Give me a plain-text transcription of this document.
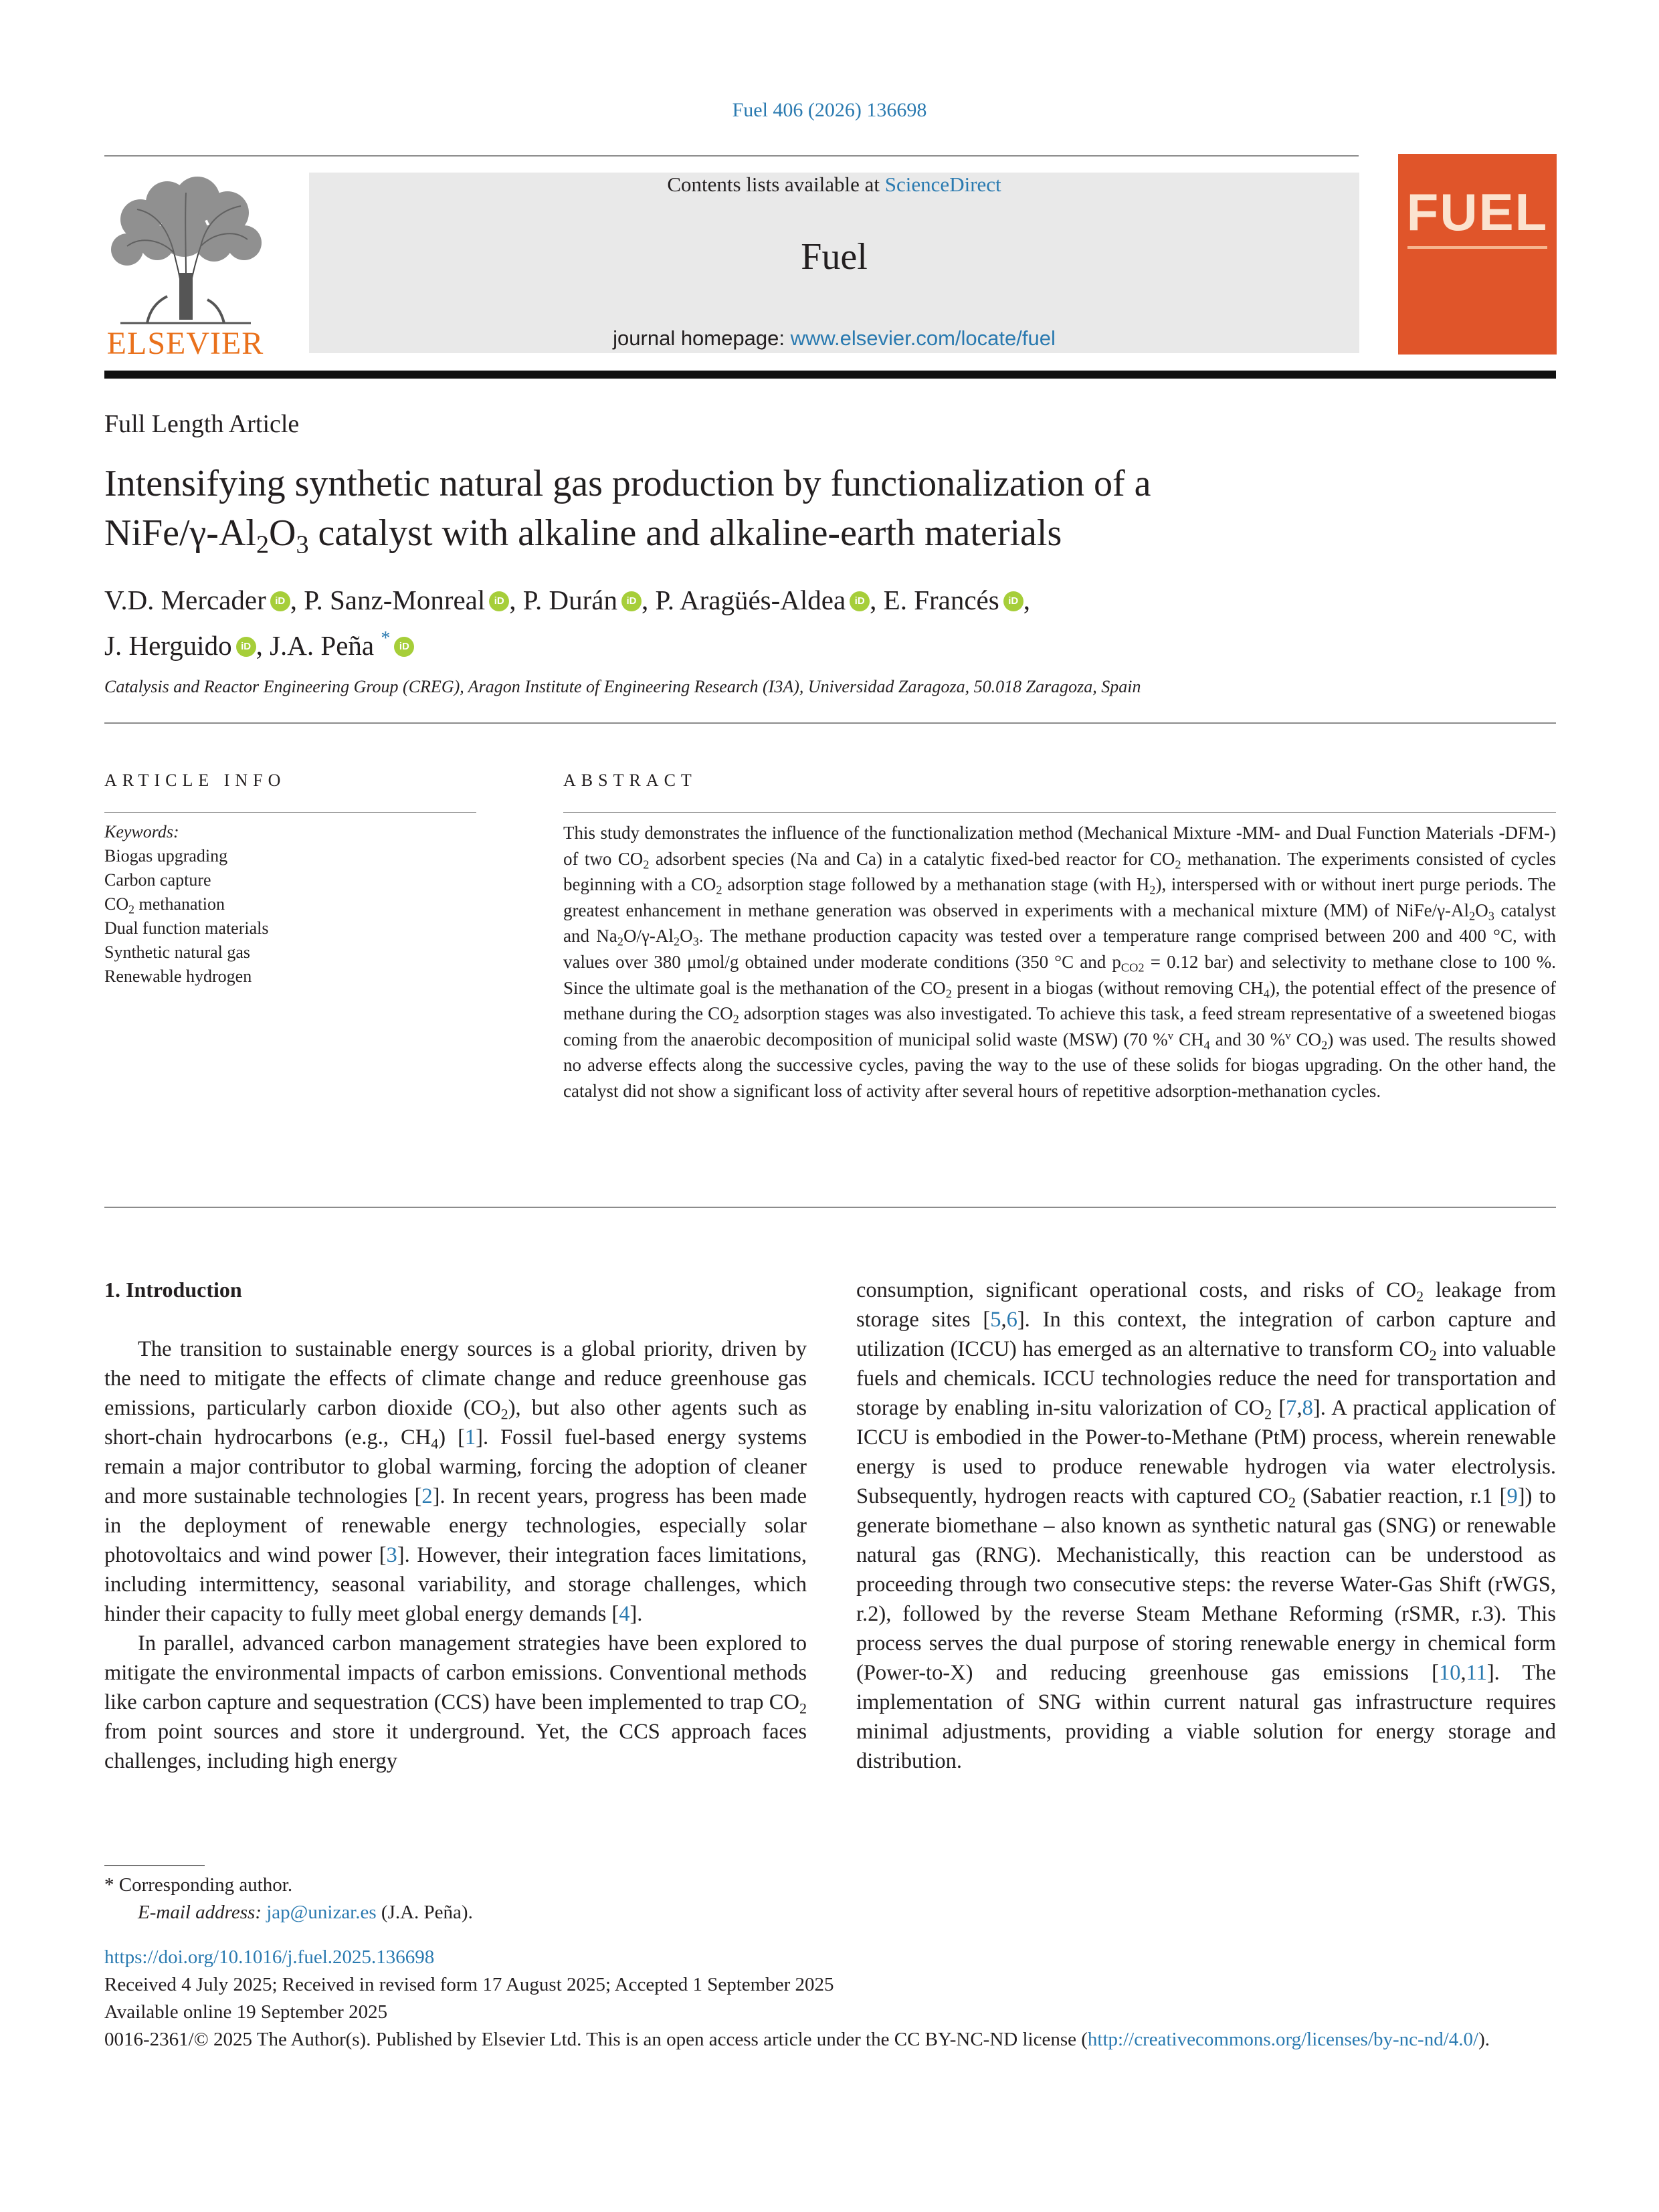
Fuel 406 (2026) 136698
ELSEVIER
Contents lists available at ScienceDirect
Fuel
journal homepage: www.elsevier.com/locate/fuel
FUEL
Full Length Article
Intensifying synthetic natural gas production by functionalization of a
NiFe/$\gamma-Al_2O_3$ catalyst with alkaline and alkaline-earth materials
V.D. Mercader iD , P. Sanz-Monreal iD , P. Durán iD , P. Aragüés-Aldea iD , E. Francés iD ,
J. Herguido iD , J.A. Peña * iD
Catalysis and Reactor Engineering Group (CREG), Aragon Institute of Engineering Research (I3A), Universidad Zaragoza, 50.018 Zaragoza, Spain
ARTICLE INFO	ABSTRACT
Keywords:
Biogas upgrading
Carbon capture
$CO_2$ methanation
Dual function materials
Synthetic natural gas
Renewable hydrogen
This study demonstrates the influence of the functionalization method (Mechanical Mixture -MM- and Dual Function Materials -DFM-) of two $CO_2$ adsorbent species (Na and Ca) in a catalytic fixed-bed reactor for $CO_2$ methanation. The experiments consisted of cycles beginning with a $CO_2$ adsorption stage followed by a methanation stage (with $H_2$), interspersed with or without inert purge periods. The greatest enhancement in methane generation was observed in experiments with a mechanical mixture (MM) of NiFe/$\gamma-Al_2O_3$ catalyst and $Na_2O/\gamma-Al_2O_3$. The methane production capacity was tested over a temperature range comprised between 200 and 400 °C, with values over 380 μmol/g obtained under moderate conditions (350 °C and $p_{CO2} = 0.12$ bar) and selectivity to methane close to 100 %. Since the ultimate goal is the methanation of the $CO_2$ present in a biogas (without removing $CH_4$), the potential effect of the presence of methane during the $CO_2$ adsorption stages was also investigated. To achieve this task, a feed stream representative of a sweetened biogas coming from the anaerobic decomposition of municipal solid waste (MSW) (70 %$^v$ $CH_4$ and 30 %$^v$ $CO_2$) was used. The results showed no adverse effects along the successive cycles, paving the way to the use of these solids for biogas upgrading. On the other hand, the catalyst did not show a significant loss of activity after several hours of repetitive adsorption-methanation cycles.
1. Introduction

The transition to sustainable energy sources is a global priority, driven by the need to mitigate the effects of climate change and reduce greenhouse gas emissions, particularly carbon dioxide $(CO_2)$, but also other agents such as short-chain hydrocarbons (e.g., $CH_4$) [1]. Fossil fuel-based energy systems remain a major contributor to global warming, forcing the adoption of cleaner and more sustainable technologies [2]. In recent years, progress has been made in the deployment of renewable energy technologies, especially solar photovoltaics and wind power [3]. However, their integration faces limitations, including intermittency, seasonal variability, and storage challenges, which hinder their capacity to fully meet global energy demands [4].

In parallel, advanced carbon management strategies have been explored to mitigate the environmental impacts of carbon emissions. Conventional methods like carbon capture and sequestration (CCS) have been implemented to trap $CO_2$ from point sources and store it underground. Yet, the CCS approach faces challenges, including high energy

consumption, significant operational costs, and risks of $CO_2$ leakage from storage sites [5,6]. In this context, the integration of carbon capture and utilization (ICCU) has emerged as an alternative to transform $CO_2$ into valuable fuels and chemicals. ICCU technologies reduce the need for transportation and storage by enabling in-situ valorization of $CO_2$ [7,8]. A practical application of ICCU is embodied in the Power-to-Methane (PtM) process, wherein renewable energy is used to produce renewable hydrogen via water electrolysis. Subsequently, hydrogen reacts with captured $CO_2$ (Sabatier reaction, r.1 [9]) to generate biomethane – also known as synthetic natural gas (SNG) or renewable natural gas (RNG). Mechanistically, this reaction can be understood as proceeding through two consecutive steps: the reverse Water-Gas Shift (rWGS, r.2), followed by the reverse Steam Methane Reforming (rSMR, r.3). This process serves the dual purpose of storing renewable energy in chemical form (Power-to-X) and reducing greenhouse gas emissions [10,11]. The implementation of SNG within current natural gas infrastructure requires minimal adjustments, providing a viable solution for energy storage and distribution.

* Corresponding author.
E-mail address: jap@unizar.es (J.A. Peña).
https://doi.org/10.1016/j.fuel.2025.136698
Received 4 July 2025; Received in revised form 17 August 2025; Accepted 1 September 2025
Available online 19 September 2025
0016-2361/© 2025 The Author(s). Published by Elsevier Ltd. This is an open access article under the CC BY-NC-ND license (http://creativecommons.org/licenses/by-nc-nd/4.0/).
